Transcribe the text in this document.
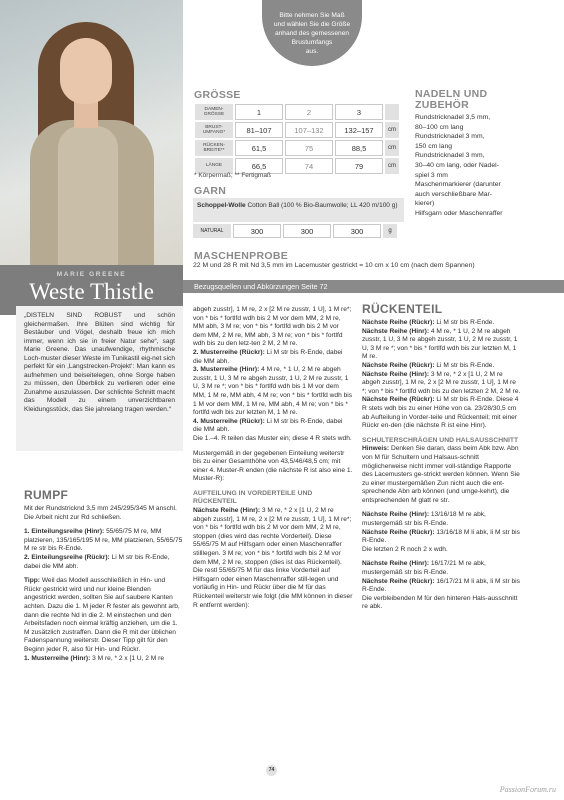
MARIE GREENE
Weste Thistle
Bitte nehmen Sie Maß
und wählen Sie die Größe
anhand des gemessenen
Brustumfangs
aus.
GRÖSSE
DAMEN-GRÖSSE	1	2	3	
BRUST-UMFANG*	81–107	107–132	132–157	cm
RÜCKEN-BREITE**	61,5	75	88,5	cm
LÄNGE	66,5	74	79	cm
* Körpermaß; ** Fertigmaß
GARN
Schoppel-Wolle Cotton Ball (100 % Bio-Baumwolle; LL 420 m/100 g)
NATURAL	300	300	300	g
NADELN UND
ZUBEHÖR
Rundstricknadel 3,5 mm,
80–100 cm lang
Rundstricknadel 3 mm,
150 cm lang
Rundstricknadel 3 mm,
30–40 cm lang, oder Nadel-
spiel 3 mm
Maschenmarkierer (darunter
auch verschließbare Mar-
kierer)
Hilfsgarn oder Maschenraffer
MASCHENPROBE
22 M und 28 R mit Nd 3,5 mm im Lacemuster gestrickt = 10 cm x 10 cm (nach dem Spannen)
Bezugsquellen und Abkürzungen Seite 72
„DISTELN SIND ROBUST und schön gleichermaßen. Ihre Blüten sind wichtig für Bestäuber und Vögel, deshalb freue ich mich immer, wenn ich sie in freier Natur sehe“, sagt Marie Greene. Das unaufwendige, rhythmische Loch-muster dieser Weste im Tunikastil eig-net sich perfekt für ein ‚Langstrecken-Projekt‘: Man kann es aufnehmen und beiseitelegen, ohne Sorge haben zu müssen, den Überblick zu verlieren oder eine Zunahme auszulassen. Der schlichte Schnitt macht das Modell zu einem unverzichtbaren Kleidungsstück, das Sie jahrelang tragen werden.“
RUMPF

Mit der Rundstricknd 3,5 mm 245/295/345 M anschl.
Die Arbeit nicht zur Rd schließen.

1. Einteilungsreihe (Hinr): 55/65/75 M re, MM platzieren, 135/165/195 M re, MM platzieren, 55/65/75 M re str bis R-Ende.
2. Einteilungsreihe (Rückr): Li M str bis R-Ende, dabei die MM abh.

Tipp: Weil das Modell ausschließlich in Hin- und Rückr gestrickt wird und nur kleine Blenden angestrickt werden, sollten Sie auf saubere Kanten achten. Dazu die 1. M jeder R fester als gewohnt arb, dann die rechte Nd in die 2. M einstechen und den Arbeitsfaden noch einmal kräftig anziehen, um die 1. M zusätzlich zustraffen. Dann die R mit der üblichen Fadenspannung weiterstr. Dieser Tipp gilt für den Beginn jeder R, also für Hin- und Rückr.
1. Musterreihe (Hinr): 3 M re, * 2 x [1 U, 2 M re

abgeh zusstr], 1 M re, 2 x [2 M re zusstr, 1 U], 1 M re*; von * bis * fortlfd wdh bis 2 M vor dem MM, 2 M re, MM abh, 3 M re; von * bis * fortlfd wdh bis 2 M vor dem MM, 2 M re, MM abh, 3 M re; von * bis * fortlfd wdh bis zu den letz-ten 2 M, 2 M re.
2. Musterreihe (Rückr): Li M str bis R-Ende, dabei die MM abh.
3. Musterreihe (Hinr): 4 M re, * 1 U, 2 M re abgeh zusstr, 1 U, 3 M re abgeh zusstr, 1 U, 2 M re zusstr, 1 U, 3 M re *; von * bis * fortlfd wdh bis 1 M vor dem MM, 1 M re, MM abh, 4 M re; von * bis * fortlfd wdh bis 1 M vor dem MM, 1 M re, MM abh, 4 M re; von * bis * fortlfd wdh bis zur letzten M, 1 M re.
4. Musterreihe (Rückr): Li M str bis R-Ende, dabei die MM abh.
Die 1.–4. R teilen das Muster ein; diese 4 R stets wdh.

Mustergemäß in der gegebenen Einteilung weiterstr bis zu einer Gesamthöhe von 43,5/46/48,5 cm; mit einer 4. Muster-R enden (die nächste R ist also eine 1. Muster-R):

AUFTEILUNG IN VORDERTEILE UND RÜCKENTEIL

Nächste Reihe (Hinr): 3 M re, * 2 x [1 U, 2 M re abgeh zusstr], 1 M re, 2 x [2 M re zusstr, 1 U], 1 M re*; von * bis * fortlfd wdh bis 2 M vor dem MM, 2 M re, stoppen (dies wird das rechte Vorderteil). Diese 55/65/75 M auf Hilfsgarn oder einen Maschenraffer stilllegen. 3 M re; von * bis * fortlfd wdh bis 2 M vor dem MM, 2 M re, stoppen (dies ist das Rückenteil). Die restl 55/65/75 M für das linke Vorderteil auf Hilfsgarn oder einen Maschenraffer still-legen und vorläufig in Hin- und Rückr über die M für das Rückenteil weiterstr wie folgt (die MM können in dieser R entfernt werden):

RÜCKENTEIL

Nächste Reihe (Rückr): Li M str bis R-Ende.
Nächste Reihe (Hinr): 4 M re, * 1 U, 2 M re abgeh zusstr, 1 U, 3 M re abgeh zusstr, 1 U, 2 M re zusstr, 1 U, 3 M re *; von * bis * fortlfd wdh bis zur letzten M, 1 M re.
Nächste Reihe (Rückr): Li M str bis R-Ende.
Nächste Reihe (Hinr): 3 M re, * 2 x [1 U, 2 M re abgeh zusstr], 1 M re, 2 x [2 M re zusstr, 1 U], 1 M re *; von * bis * fortlfd wdh bis zu den letzten 2 M, 2 M re.
Nächste Reihe (Rückr): Li M str bis R-Ende. Diese 4 R stets wdh bis zu einer Höhe von ca. 23/28/30,5 cm ab Aufteilung in Vorder-teile und Rückenteil; mit einer Rückr en-den (die nächste R ist eine Hinr).

SCHULTERSCHRÄGEN UND HALSAUSSCHNITT

Hinweis: Denken Sie daran, dass beim Abk bzw. Abn von M für Schultern und Halsaus-schnitt möglicherweise nicht immer voll-ständige Rapporte des Lacemusters ge-strickt werden können. Wenn Sie zu einer mustergemäßen Zun nicht auch die ent-sprechende Abn arb können (und umge-kehrt), die entsprechenden M glatt re str.

Nächste Reihe (Hinr): 13/16/18 M re abk, mustergemäß str bis R-Ende.
Nächste Reihe (Rückr): 13/16/18 M li abk, li M str bis R-Ende.
Die letzten 2 R noch 2 x wdh.

Nächste Reihe (Hinr): 16/17/21 M re abk, mustergemäß str bis R-Ende.
Nächste Reihe (Rückr): 16/17/21 M li abk, li M str bis R-Ende.
Die verbleibenden M für den hinteren Hals-ausschnitt re abk.

74
PassionForum.ru
